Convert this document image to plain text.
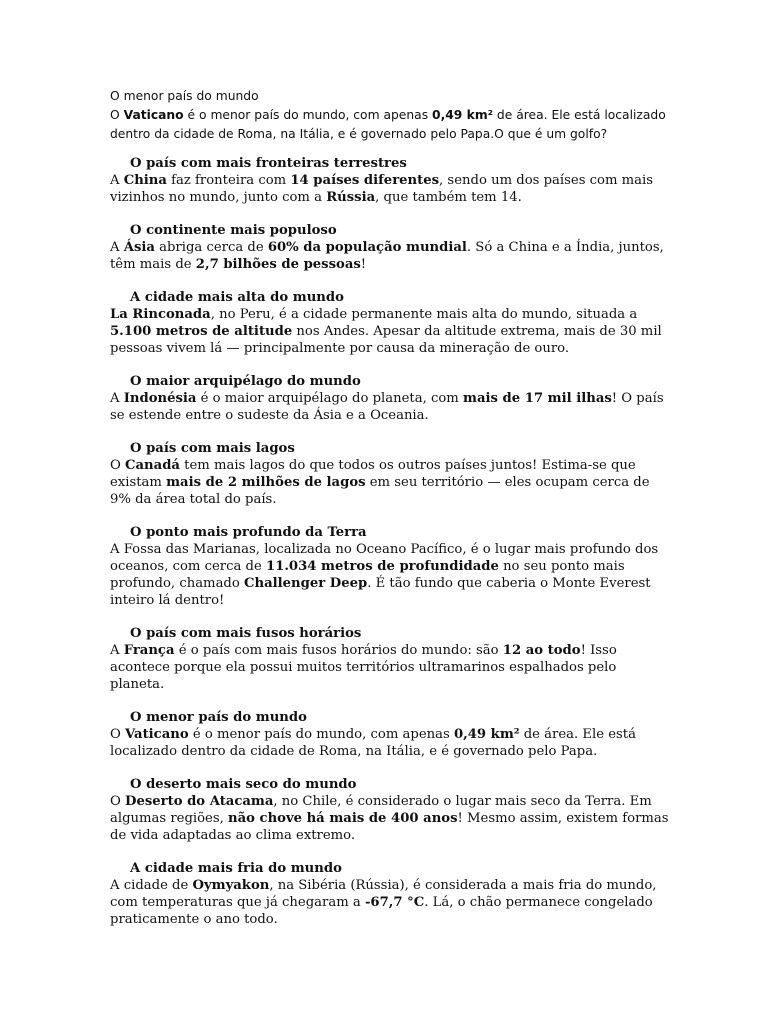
O menor país do mundo
O Vaticano é o menor país do mundo, com apenas 0,49 km² de área. Ele está localizado dentro da cidade de Roma, na Itália, e é governado pelo Papa.O que é um golfo?
O país com mais fronteiras terrestres

A China faz fronteira com 14 países diferentes, sendo um dos países com mais vizinhos no mundo, junto com a Rússia, que também tem 14.

O continente mais populoso

A Ásia abriga cerca de 60% da população mundial. Só a China e a Índia, juntos, têm mais de 2,7 bilhões de pessoas!

A cidade mais alta do mundo

La Rinconada, no Peru, é a cidade permanente mais alta do mundo, situada a 5.100 metros de altitude nos Andes. Apesar da altitude extrema, mais de 30 mil pessoas vivem lá — principalmente por causa da mineração de ouro.

O maior arquipélago do mundo

A Indonésia é o maior arquipélago do planeta, com mais de 17 mil ilhas! O país se estende entre o sudeste da Ásia e a Oceania.

O país com mais lagos

O Canadá tem mais lagos do que todos os outros países juntos! Estima-se que existam mais de 2 milhões de lagos em seu território — eles ocupam cerca de 9% da área total do país.

O ponto mais profundo da Terra

A Fossa das Marianas, localizada no Oceano Pacífico, é o lugar mais profundo dos oceanos, com cerca de 11.034 metros de profundidade no seu ponto mais profundo, chamado Challenger Deep. É tão fundo que caberia o Monte Everest inteiro lá dentro!

O país com mais fusos horários

A França é o país com mais fusos horários do mundo: são 12 ao todo! Isso acontece porque ela possui muitos territórios ultramarinos espalhados pelo planeta.

O menor país do mundo

O Vaticano é o menor país do mundo, com apenas 0,49 km² de área. Ele está localizado dentro da cidade de Roma, na Itália, e é governado pelo Papa.

O deserto mais seco do mundo

O Deserto do Atacama, no Chile, é considerado o lugar mais seco da Terra. Em algumas regiões, não chove há mais de 400 anos! Mesmo assim, existem formas de vida adaptadas ao clima extremo.

A cidade mais fria do mundo

A cidade de Oymyakon, na Sibéria (Rússia), é considerada a mais fria do mundo, com temperaturas que já chegaram a -67,7 °C. Lá, o chão permanece congelado praticamente o ano todo.
